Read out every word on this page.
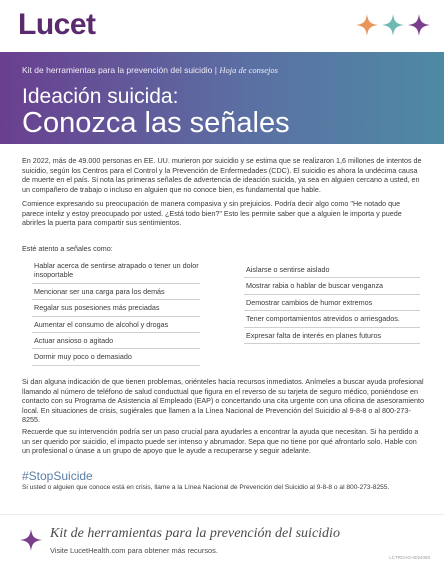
Lucet
Kit de herramientas para la prevención del suicidio | Hoja de consejos
Ideación suicida:
Conozca las señales

En 2022, más de 49.000 personas en EE. UU. murieron por suicidio y se estima que se realizaron 1,6 millones de intentos de suicidio, según los Centros para el Control y la Prevención de Enfermedades (CDC). El suicidio es ahora la undécima causa de muerte en el país. Si nota las primeras señales de advertencia de ideación suicida, ya sea en alguien cercano a usted, en un compañero de trabajo o incluso en alguien que no conoce bien, es fundamental que hable.

Comience expresando su preocupación de manera compasiva y sin prejuicios. Podría decir algo como "He notado que parece inteliz y estoy preocupado por usted. ¿Está todo bien?" Esto les permite saber que a alguien le importa y puede abrirles la puerta para compartir sus sentimientos.

Esté atento a señales como:
Hablar acerca de sentirse atrapado o tener un dolor insoportable
Mencionar ser una carga para los demás
Regalar sus posesiones más preciadas
Aumentar el consumo de alcohol y drogas
Actuar ansioso o agitado
Dormir muy poco o demasiado
Aislarse o sentirse aislado
Mostrar rabia o hablar de buscar venganza
Demostrar cambios de humor extremos
Tener comportamientos atrevidos o arriesgados.
Expresar falta de interés en planes futuros

Si dan alguna indicación de que tienen problemas, oriénteles hacia recursos inmediatos. Anímeles a buscar ayuda profesional llamando al número de teléfono de salud conductual que figura en el reverso de su tarjeta de seguro médico, poniéndose en contacto con su Programa de Asistencia al Empleado (EAP) o concertando una cita urgente con una oficina de asesoramiento local. En situaciones de crisis, sugiérales que llamen a la Línea Nacional de Prevención del Suicidio al 9-8-8 o al 800-273-8255.

Recuerde que su intervención podría ser un paso crucial para ayudarles a encontrar la ayuda que necesitan. Si ha perdido a un ser querido por suicidio, el impacto puede ser intenso y abrumador. Sepa que no tiene por qué afrontarlo solo. Hable con un profesional o únase a un grupo de apoyo que le ayude a recuperarse y seguir adelante.

#StopSuicide
Si usted o alguien que conoce está en crisis, llame a la Línea Nacional de Prevención del Suicidio al 9-8-8 o al 800-273-8255.
Kit de herramientas para la prevención del suicidio
Visite LucetHealth.com para obtener más recursos.
LCTRCHO-0024093
